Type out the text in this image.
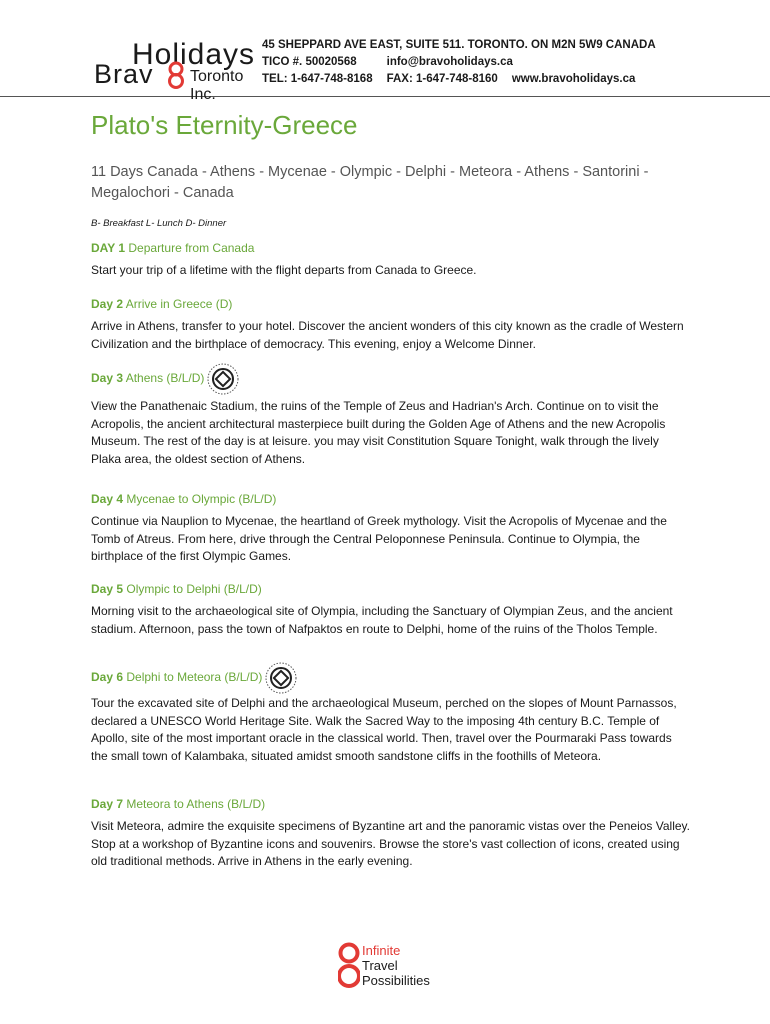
Holidays
Brav Toronto Inc.
45 SHEPPARD AVE EAST, SUITE 511. TORONTO. ON M2N 5W9 CANADA
TICO #. 50020568	info@bravoholidays.ca
TEL: 1-647-748-8168 FAX: 1-647-748-8160 www.bravoholidays.ca
Plato's Eternity-Greece
11 Days Canada - Athens - Mycenae - Olympic - Delphi - Meteora - Athens - Santorini - Megalochori - Canada
B- Breakfast L- Lunch D- Dinner
DAY 1 Departure from Canada
Start your trip of a lifetime with the flight departs from Canada to Greece.
Day 2 Arrive in Greece (D)
Arrive in Athens, transfer to your hotel. Discover the ancient wonders of this city known as the cradle of Western Civilization and the birthplace of democracy. This evening, enjoy a Welcome Dinner.
Day 3 Athens (B/L/D)
View the Panathenaic Stadium, the ruins of the Temple of Zeus and Hadrian's Arch. Continue on to visit the Acropolis, the ancient architectural masterpiece built during the Golden Age of Athens and the new Acropolis Museum. The rest of the day is at leisure. you may visit Constitution Square Tonight, walk through the lively Plaka area, the oldest section of Athens.
Day 4 Mycenae to Olympic (B/L/D)
Continue via Nauplion to Mycenae, the heartland of Greek mythology. Visit the Acropolis of Mycenae and the Tomb of Atreus. From here, drive through the Central Peloponnese Peninsula. Continue to Olympia, the birthplace of the first Olympic Games.
Day 5 Olympic to Delphi (B/L/D)
Morning visit to the archaeological site of Olympia, including the Sanctuary of Olympian Zeus, and the ancient stadium. Afternoon, pass the town of Nafpaktos en route to Delphi, home of the ruins of the Tholos Temple.
Day 6 Delphi to Meteora (B/L/D)
Tour the excavated site of Delphi and the archaeological Museum, perched on the slopes of Mount Parnassos, declared a UNESCO World Heritage Site. Walk the Sacred Way to the imposing 4th century B.C. Temple of Apollo, site of the most important oracle in the classical world. Then, travel over the Pourmaraki Pass towards the small town of Kalambaka, situated amidst smooth sandstone cliffs in the foothills of Meteora.
Day 7 Meteora to Athens (B/L/D)
Visit Meteora, admire the exquisite specimens of Byzantine art and the panoramic vistas over the Peneios Valley. Stop at a workshop of Byzantine icons and souvenirs. Browse the store's vast collection of icons, created using old traditional methods. Arrive in Athens in the early evening.
Infinite
Travel
Possibilities
